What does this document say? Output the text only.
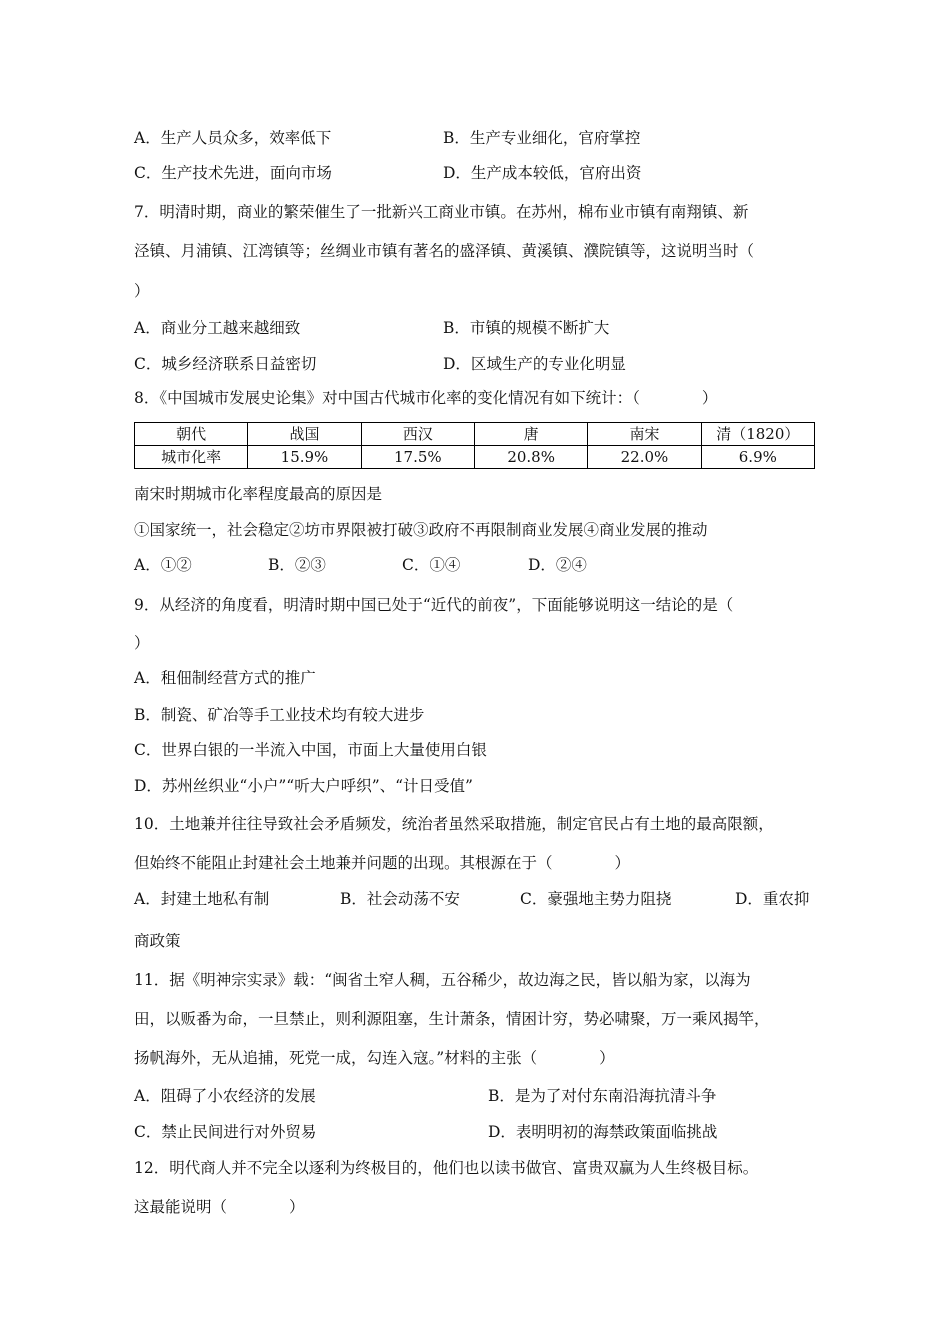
A．生产人员众多，效率低下	B．生产专业细化，官府掌控
C．生产技术先进，面向市场	D．生产成本较低，官府出资
7．明清时期，商业的繁荣催生了一批新兴工商业市镇。在苏州，棉布业市镇有南翔镇、新
泾镇、月浦镇、江湾镇等；丝绸业市镇有著名的盛泽镇、黄溪镇、濮院镇等，这说明当时（
）
A．商业分工越来越细致	B．市镇的规模不断扩大
C．城乡经济联系日益密切	D．区域生产的专业化明显
8．《中国城市发展史论集》对中国古代城市化率的变化情况有如下统计：（　　　　）
朝代	战国	西汉	唐	南宋	清（1820）
城市化率	15.9%	17.5%	20.8%	22.0%	6.9%
南宋时期城市化率程度最高的原因是
①国家统一，社会稳定②坊市界限被打破③政府不再限制商业发展④商业发展的推动
A．①②	B．②③	C．①④	D．②④
9．从经济的角度看，明清时期中国已处于“近代的前夜”，下面能够说明这一结论的是（
）
A．租佃制经营方式的推广
B．制瓷、矿冶等手工业技术均有较大进步
C．世界白银的一半流入中国，市面上大量使用白银
D．苏州丝织业“小户”“听大户呼织”、“计日受值”
10．土地兼并往往导致社会矛盾频发，统治者虽然采取措施，制定官民占有土地的最高限额，
但始终不能阻止封建社会土地兼并问题的出现。其根源在于（　　　　）
A．封建土地私有制	B．社会动荡不安	C．豪强地主势力阻挠	D．重农抑
商政策
11．据《明神宗实录》载：“闽省土窄人稠，五谷稀少，故边海之民，皆以船为家，以海为
田，以贩番为命，一旦禁止，则利源阻塞，生计萧条，情困计穷，势必啸聚，万一乘风揭竿，
扬帆海外，无从追捕，死党一成，勾连入寇。”材料的主张（　　　　）
A．阻碍了小农经济的发展	B．是为了对付东南沿海抗清斗争
C．禁止民间进行对外贸易	D．表明明初的海禁政策面临挑战
12．明代商人并不完全以逐利为终极目的，他们也以读书做官、富贵双赢为人生终极目标。
这最能说明（　　　　）
